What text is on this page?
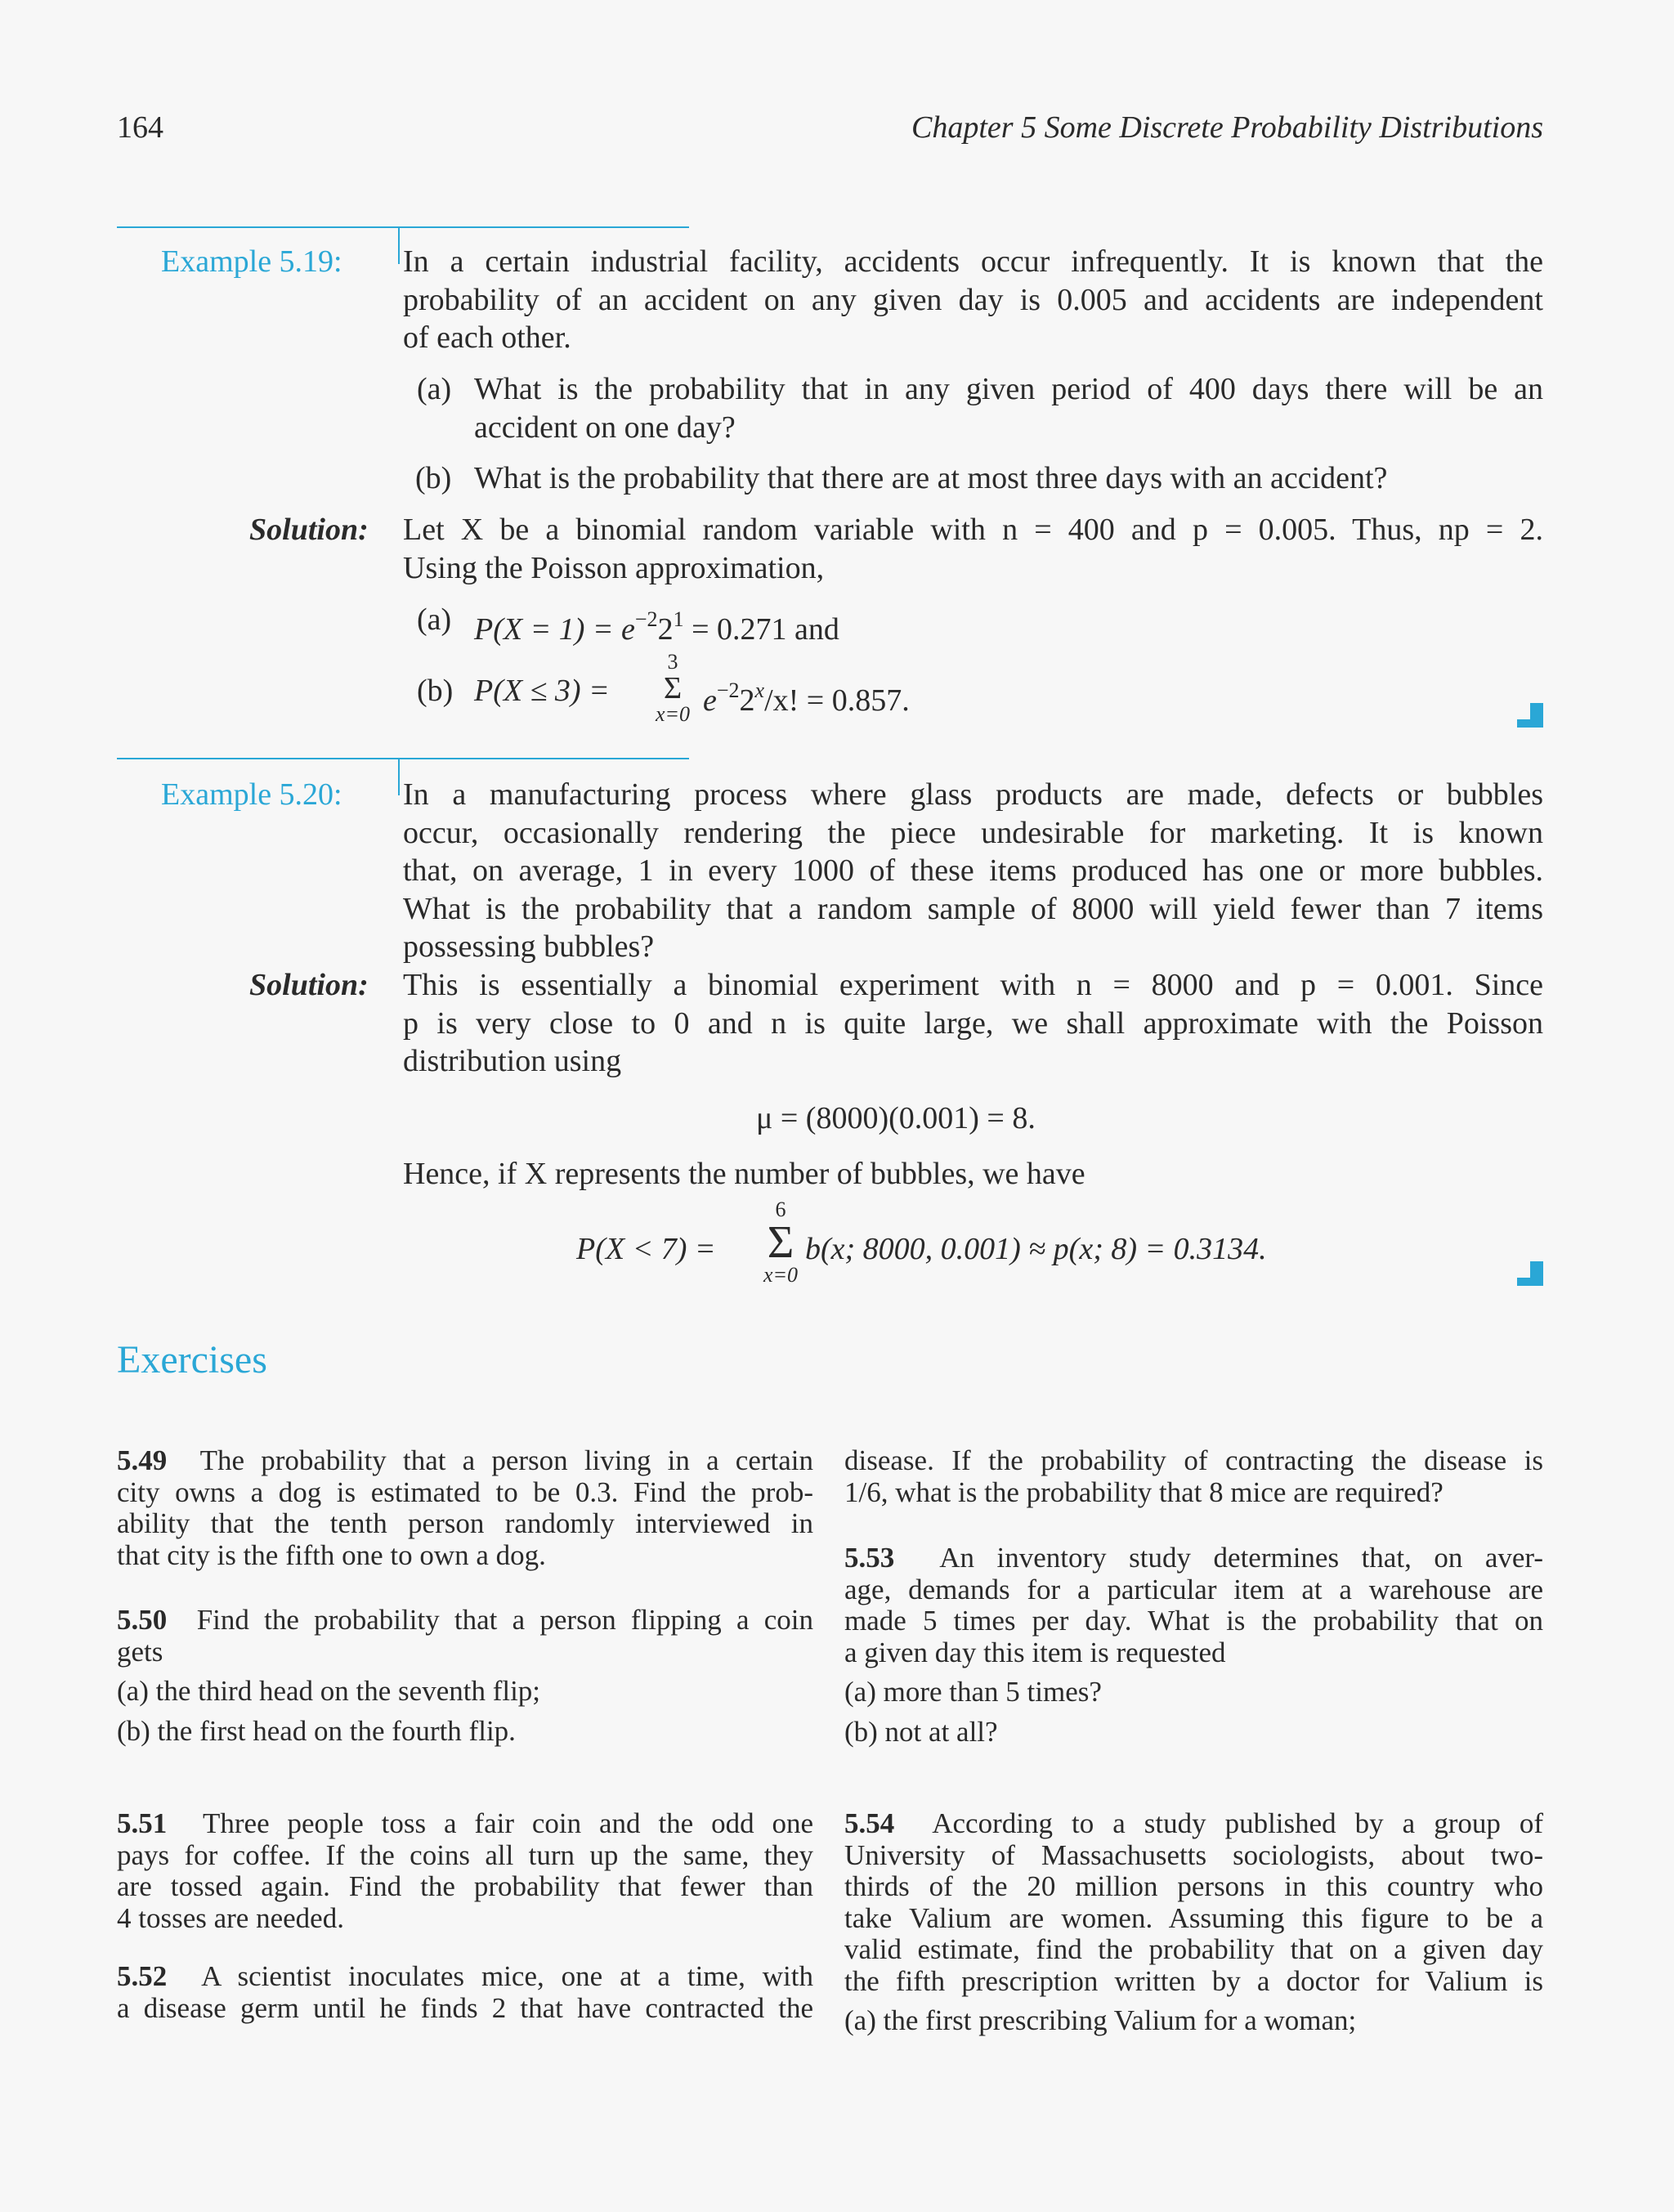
164	Chapter 5 Some Discrete Probability Distributions
Example 5.19: In a certain industrial facility, accidents occur infrequently. It is known that the
probability of an accident on any given day is 0.005 and accidents are independent
of each other.
(a) What is the probability that in any given period of 400 days there will be an
accident on one day?
(b) What is the probability that there are at most three days with an accident?
Solution: Let X be a binomial random variable with n = 400 and p = 0.005. Thus, np = 2.
Using the Poisson approximation,
(a) $P(X = 1) = e^{-2}2^1 = 0.271$ and
(b) P(X ≤ 3) =
3
Σ
x=0 $e^{-2}2^x/x$! = 0.857.
Example 5.20: In a manufacturing process where glass products are made, defects or bubbles
occur, occasionally rendering the piece undesirable for marketing. It is known
that, on average, 1 in every 1000 of these items produced has one or more bubbles.
What is the probability that a random sample of 8000 will yield fewer than 7 items
possessing bubbles?
Solution: This is essentially a binomial experiment with n = 8000 and p = 0.001. Since
p is very close to 0 and n is quite large, we shall approximate with the Poisson
distribution using
μ = (8000)(0.001) = 8.
Hence, if X represents the number of bubbles, we have
P(X < 7) =
6
Σ
x=0
b(x; 8000, 0.001) ≈ p(x; 8) = 0.3134.
Exercises
5.49 The probability that a person living in a certain
city owns a dog is estimated to be 0.3. Find the prob-
ability that the tenth person randomly interviewed in
that city is the fifth one to own a dog.
5.50 Find the probability that a person flipping a coin
gets
(a) the third head on the seventh flip;
(b) the first head on the fourth flip.
5.51 Three people toss a fair coin and the odd one
pays for coffee. If the coins all turn up the same, they
are tossed again. Find the probability that fewer than
4 tosses are needed.
5.52 A scientist inoculates mice, one at a time, with
a disease germ until he finds 2 that have contracted the
disease. If the probability of contracting the disease is
1/6, what is the probability that 8 mice are required?
5.53 An inventory study determines that, on aver-
age, demands for a particular item at a warehouse are
made 5 times per day. What is the probability that on
a given day this item is requested
(a) more than 5 times?
(b) not at all?
5.54 According to a study published by a group of
University of Massachusetts sociologists, about two-
thirds of the 20 million persons in this country who
take Valium are women. Assuming this figure to be a
valid estimate, find the probability that on a given day
the fifth prescription written by a doctor for Valium is
(a) the first prescribing Valium for a woman;
